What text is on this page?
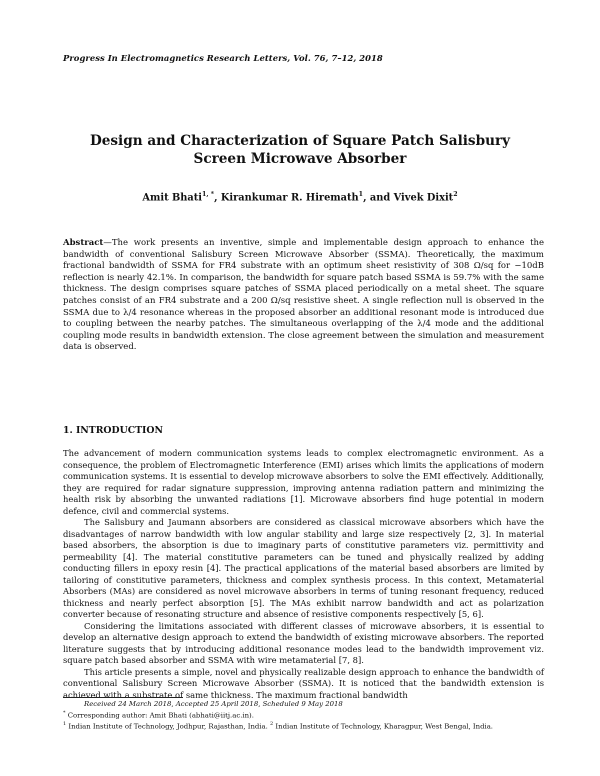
Progress In Electromagnetics Research Letters, Vol. 76, 7–12, 2018
Design and Characterization of Square Patch Salisbury Screen Microwave Absorber
Amit Bhati$^{1, *}$, Kirankumar R. Hiremath$^1$, and Vivek Dixit$^2$
Abstract—The work presents an inventive, simple and implementable design approach to enhance the bandwidth of conventional Salisbury Screen Microwave Absorber (SSMA). Theoretically, the maximum fractional bandwidth of SSMA for FR4 substrate with an optimum sheet resistivity of 308 Ω/sq for −10dB reflection is nearly 42.1%. In comparison, the bandwidth for square patch based SSMA is 59.7% with the same thickness. The design comprises square patches of SSMA placed periodically on a metal sheet. The square patches consist of an FR4 substrate and a 200 Ω/sq resistive sheet. A single reflection null is observed in the SSMA due to λ/4 resonance whereas in the proposed absorber an additional resonant mode is introduced due to coupling between the nearby patches. The simultaneous overlapping of the λ/4 mode and the additional coupling mode results in bandwidth extension. The close agreement between the simulation and measurement data is observed.
1. INTRODUCTION

The advancement of modern communication systems leads to complex electromagnetic environment. As a consequence, the problem of Electromagnetic Interference (EMI) arises which limits the applications of modern communication systems. It is essential to develop microwave absorbers to solve the EMI effectively. Additionally, they are required for radar signature suppression, improving antenna radiation pattern and minimizing the health risk by absorbing the unwanted radiations [1]. Microwave absorbers find huge potential in modern defence, civil and commercial systems.

The Salisbury and Jaumann absorbers are considered as classical microwave absorbers which have the disadvantages of narrow bandwidth with low angular stability and large size respectively [2, 3]. In material based absorbers, the absorption is due to imaginary parts of constitutive parameters viz. permittivity and permeability [4]. The material constitutive parameters can be tuned and physically realized by adding conducting fillers in epoxy resin [4]. The practical applications of the material based absorbers are limited by tailoring of constitutive parameters, thickness and complex synthesis process. In this context, Metamaterial Absorbers (MAs) are considered as novel microwave absorbers in terms of tuning resonant frequency, reduced thickness and nearly perfect absorption [5]. The MAs exhibit narrow bandwidth and act as polarization converter because of resonating structure and absence of resistive components respectively [5, 6].

Considering the limitations associated with different classes of microwave absorbers, it is essential to develop an alternative design approach to extend the bandwidth of existing microwave absorbers. The reported literature suggests that by introducing additional resonance modes lead to the bandwidth improvement viz. square patch based absorber and SSMA with wire metamaterial [7, 8].

This article presents a simple, novel and physically realizable design approach to enhance the bandwidth of conventional Salisbury Screen Microwave Absorber (SSMA). It is noticed that the bandwidth extension is achieved with a substrate of same thickness. The maximum fractional bandwidth

Received 24 March 2018, Accepted 25 April 2018, Scheduled 9 May 2018
* Corresponding author: Amit Bhati (abhati@iitj.ac.in).
$^1$ Indian Institute of Technology, Jodhpur, Rajasthan, India. $^2$ Indian Institute of Technology, Kharagpur, West Bengal, India.
